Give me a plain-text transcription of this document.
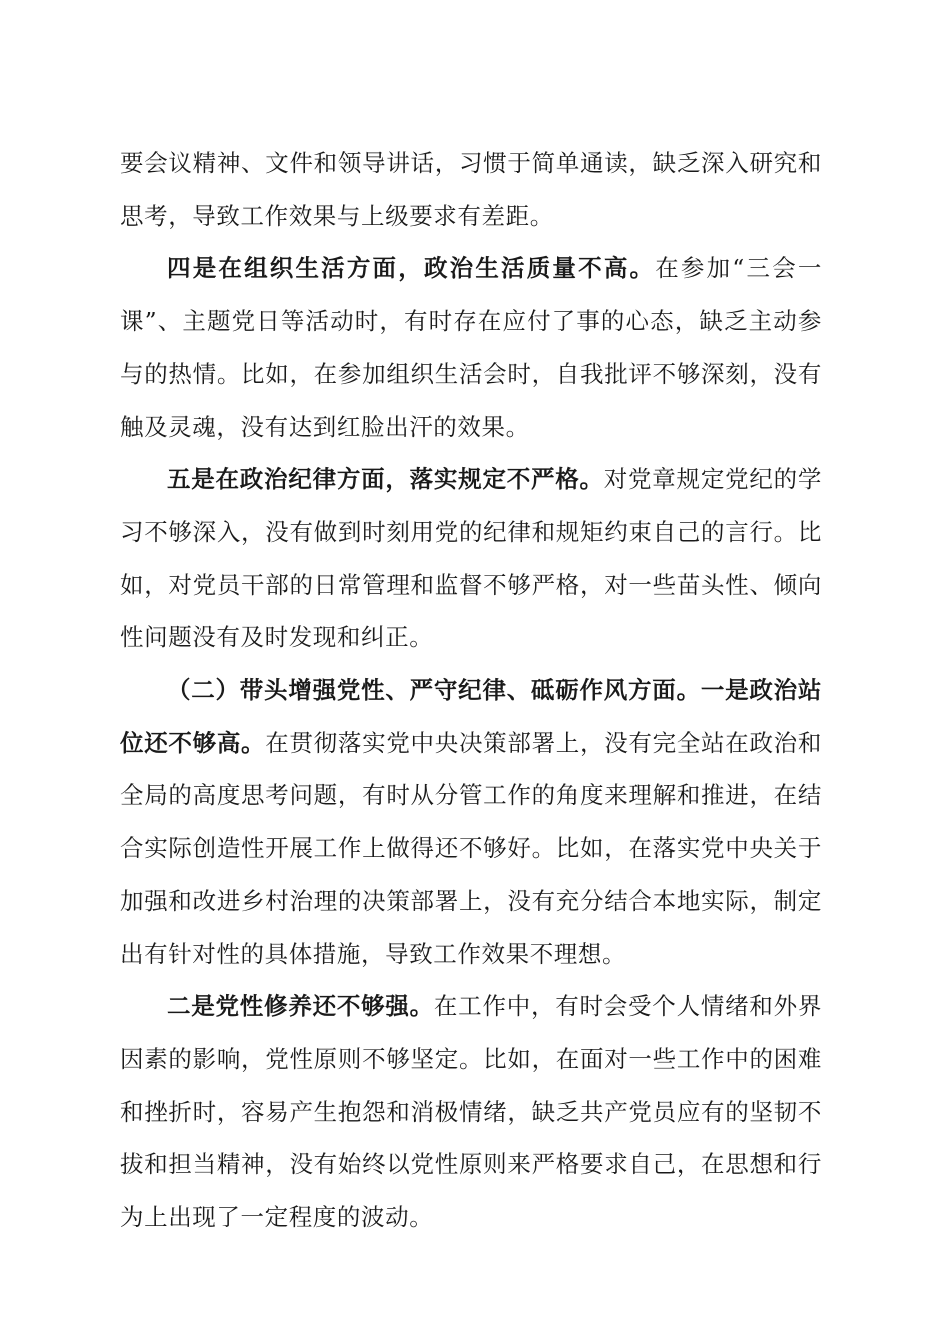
要会议精神、文件和领导讲话，习惯于简单通读，缺乏深入研究和思考，导致工作效果与上级要求有差距。

四是在组织生活方面，政治生活质量不高。在参加“三会一课”、主题党日等活动时，有时存在应付了事的心态，缺乏主动参与的热情。比如，在参加组织生活会时，自我批评不够深刻，没有触及灵魂，没有达到红脸出汗的效果。

五是在政治纪律方面，落实规定不严格。对党章规定党纪的学习不够深入，没有做到时刻用党的纪律和规矩约束自己的言行。比如，对党员干部的日常管理和监督不够严格，对一些苗头性、倾向性问题没有及时发现和纠正。

（二）带头增强党性、严守纪律、砥砺作风方面。一是政治站位还不够高。在贯彻落实党中央决策部署上，没有完全站在政治和全局的高度思考问题，有时从分管工作的角度来理解和推进，在结合实际创造性开展工作上做得还不够好。比如，在落实党中央关于加强和改进乡村治理的决策部署上，没有充分结合本地实际，制定出有针对性的具体措施，导致工作效果不理想。

二是党性修养还不够强。在工作中，有时会受个人情绪和外界因素的影响，党性原则不够坚定。比如，在面对一些工作中的困难和挫折时，容易产生抱怨和消极情绪，缺乏共产党员应有的坚韧不拔和担当精神，没有始终以党性原则来严格要求自己，在思想和行为上出现了一定程度的波动。
